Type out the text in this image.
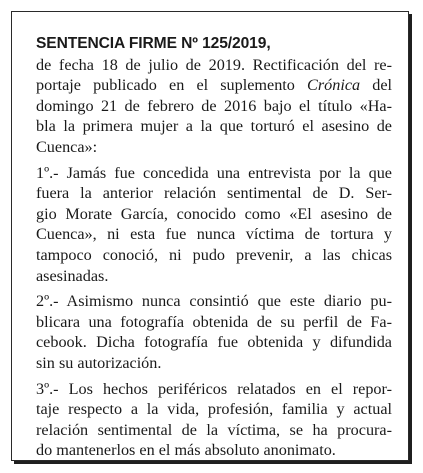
SENTENCIA FIRME Nº 125/2019,
de fecha 18 de julio de 2019. Rectificación del re-
portaje publicado en el suplemento Crónica del
domingo 21 de febrero de 2016 bajo el título «Ha-
bla la primera mujer a la que torturó el asesino de
Cuenca»:
1º.- Jamás fue concedida una entrevista por la que
fuera la anterior relación sentimental de D. Ser-
gio Morate García, conocido como «El asesino de
Cuenca», ni esta fue nunca víctima de tortura y
tampoco conoció, ni pudo prevenir, a las chicas
asesinadas.
2º.- Asimismo nunca consintió que este diario pu-
blicara una fotografía obtenida de su perfil de Fa-
cebook. Dicha fotografía fue obtenida y difundida
sin su autorización.
3º.- Los hechos periféricos relatados en el repor-
taje respecto a la vida, profesión, familia y actual
relación sentimental de la víctima, se ha procura-
do mantenerlos en el más absoluto anonimato.
